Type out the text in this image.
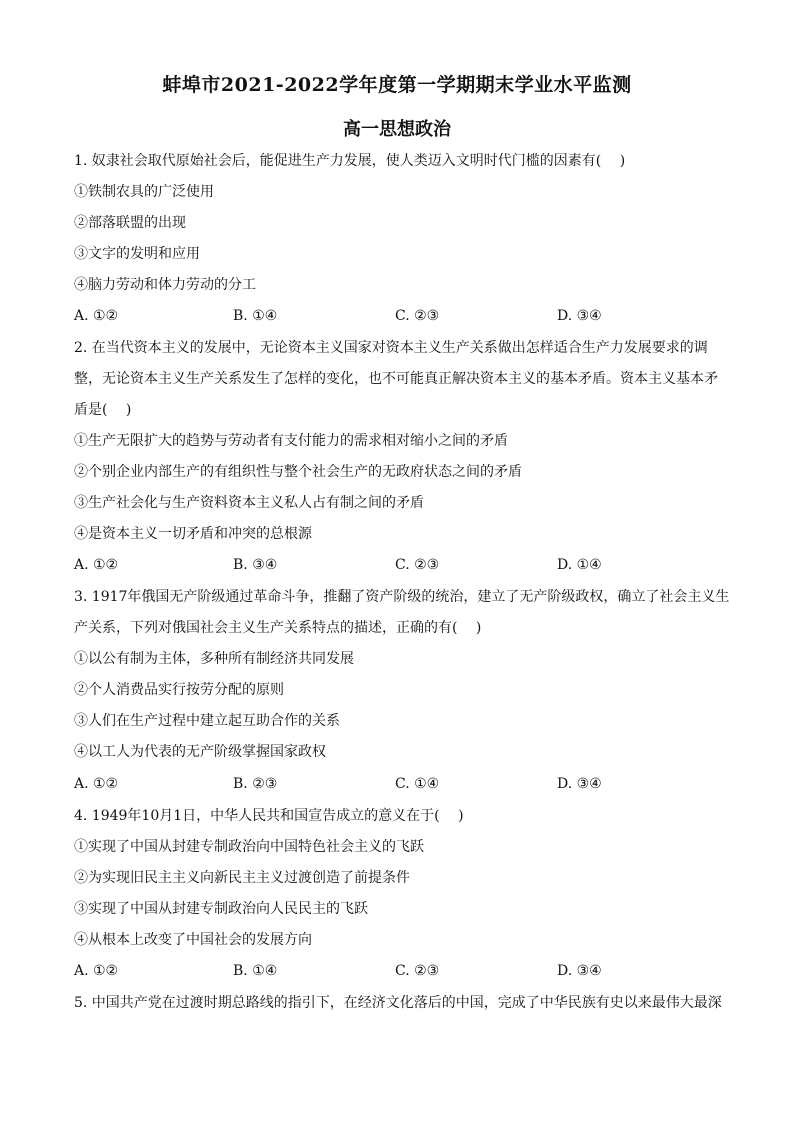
蚌埠市2021-2022学年度第一学期期末学业水平监测
高一思想政治
1. 奴隶社会取代原始社会后，能促进生产力发展，使人类迈入文明时代门槛的因素有(　 )
①铁制农具的广泛使用
②部落联盟的出现
③文字的发明和应用
④脑力劳动和体力劳动的分工
A. ①②	B. ①④	C. ②③	D. ③④
2. 在当代资本主义的发展中，无论资本主义国家对资本主义生产关系做出怎样适合生产力发展要求的调
整，无论资本主义生产关系发生了怎样的变化，也不可能真正解决资本主义的基本矛盾。资本主义基本矛
盾是(　 )
①生产无限扩大的趋势与劳动者有支付能力的需求相对缩小之间的矛盾
②个别企业内部生产的有组织性与整个社会生产的无政府状态之间的矛盾
③生产社会化与生产资料资本主义私人占有制之间的矛盾
④是资本主义一切矛盾和冲突的总根源
A. ①②	B. ③④	C. ②③	D. ①④
3. 1917年俄国无产阶级通过革命斗争，推翻了资产阶级的统治，建立了无产阶级政权，确立了社会主义生
产关系，下列对俄国社会主义生产关系特点的描述，正确的有(　 )
①以公有制为主体，多种所有制经济共同发展
②个人消费品实行按劳分配的原则
③人们在生产过程中建立起互助合作的关系
④以工人为代表的无产阶级掌握国家政权
A. ①②	B. ②③	C. ①④	D. ③④
4. 1949年10月1日，中华人民共和国宣告成立的意义在于(　 )
①实现了中国从封建专制政治向中国特色社会主义的飞跃
②为实现旧民主主义向新民主主义过渡创造了前提条件
③实现了中国从封建专制政治向人民民主的飞跃
④从根本上改变了中国社会的发展方向
A. ①②	B. ①④	C. ②③	D. ③④
5. 中国共产党在过渡时期总路线的指引下，在经济文化落后的中国，完成了中华民族有史以来最伟大最深
